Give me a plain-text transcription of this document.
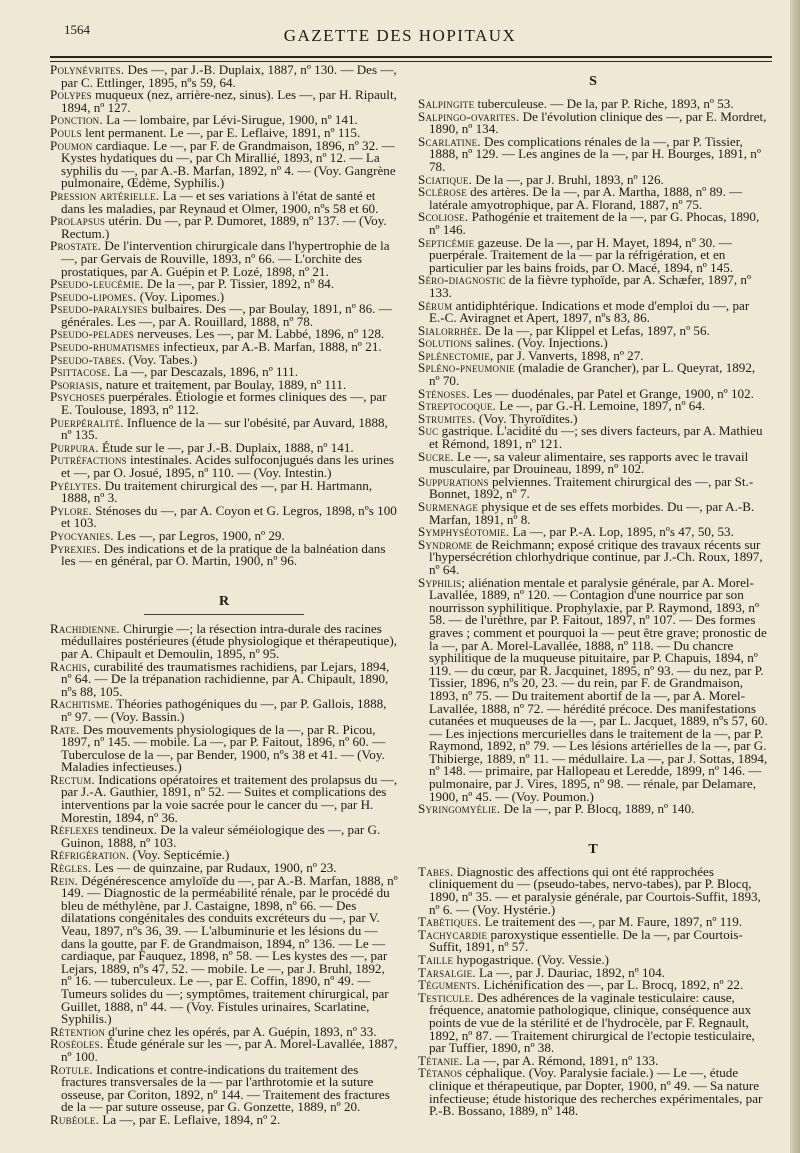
1564	GAZETTE DES HOPITAUX

Polynévrites. Des —, par J.-B. Duplaix, 1887, nº 130. — Des —, par C. Ettlinger, 1895, nºs 59, 64.

Polypes muqueux (nez, arrière-nez, sinus). Les —, par H. Ripault, 1894, nº 127.

Ponction. La — lombaire, par Lévi-Sirugue, 1900, nº 141.

Pouls lent permanent. Le —, par E. Leflaive, 1891, nº 115.

Poumon cardiaque. Le —, par F. de Grandmaison, 1896, nº 32. — Kystes hydatiques du —, par Ch Mirallié, 1893, nº 12. — La syphilis du —, par A.-B. Marfan, 1892, nº 4. — (Voy. Gangrène pulmonaire, Œdème, Syphilis.)

Pression artérielle. La — et ses variations à l'état de santé et dans les maladies, par Reynaud et Olmer, 1900, nºs 58 et 60.

Prolapsus utérin. Du —, par P. Dumoret, 1889, nº 137. — (Voy. Rectum.)

Prostate. De l'intervention chirurgicale dans l'hypertrophie de la —, par Gervais de Rouville, 1893, nº 66. — L'orchite des prostatiques, par A. Guépin et P. Lozé, 1898, nº 21.

Pseudo-leucémie. De la —, par P. Tissier, 1892, nº 84.

Pseudo-lipomes. (Voy. Lipomes.)

Pseudo-paralysies bulbaires. Des —, par Boulay, 1891, nº 86. — générales. Les —, par A. Rouillard, 1888, nº 78.

Pseudo-pelades nerveuses. Les —, par M. Labbé, 1896, nº 128.

Pseudo-rhumatismes infectieux, par A.-B. Marfan, 1888, nº 21.

Pseudo-tabes. (Voy. Tabes.)

Psittacose. La —, par Descazals, 1896, nº 111.

Psoriasis, nature et traitement, par Boulay, 1889, nº 111.

Psychoses puerpérales. Étiologie et formes cliniques des —, par E. Toulouse, 1893, nº 112.

Puerpéralité. Influence de la — sur l'obésité, par Auvard, 1888, nº 135.

Purpura. Étude sur le —, par J.-B. Duplaix, 1888, nº 141.

Putréfactions intestinales. Acides sulfoconjugués dans les urines et —, par O. Josué, 1895, nº 110. — (Voy. Intestin.)

Pyélytes. Du traitement chirurgical des —, par H. Hartmann, 1888, nº 3.

Pylore. Sténoses du —, par A. Coyon et G. Legros, 1898, nºs 100 et 103.

Pyocyanies. Les —, par Legros, 1900, nº 29.

Pyrexies. Des indications et de la pratique de la balnéation dans les — en général, par O. Martin, 1900, nº 96.

R

Rachidienne. Chirurgie —; la résection intra-durale des racines médullaires postérieures (étude physiologique et thérapeutique), par A. Chipault et Demoulin, 1895, nº 95.

Rachis, curabilité des traumatismes rachidiens, par Lejars, 1894, nº 64. — De la trépanation rachidienne, par A. Chipault, 1890, nºs 88, 105.

Rachitisme. Théories pathogéniques du —, par P. Gallois, 1888, nº 97. — (Voy. Bassin.)

Rate. Des mouvements physiologiques de la —, par R. Picou, 1897, nº 145. — mobile. La —, par P. Faitout, 1896, nº 60. — Tuberculose de la —, par Bender, 1900, nºs 38 et 41. — (Voy. Maladies infectieuses.)

Rectum. Indications opératoires et traitement des prolapsus du —, par J.-A. Gauthier, 1891, nº 52. — Suites et complications des interventions par la voie sacrée pour le cancer du —, par H. Morestin, 1894, nº 36.

Réflexes tendineux. De la valeur séméiologique des —, par G. Guinon, 1888, nº 103.

Réfrigération. (Voy. Septicémie.)

Règles. Les — de quinzaine, par Rudaux, 1900, nº 23.

Rein. Dégénérescence amyloïde du —, par A.-B. Marfan, 1888, nº 149. — Diagnostic de la perméabilité rénale, par le procédé du bleu de méthylène, par J. Castaigne, 1898, nº 66. — Des dilatations congénitales des conduits excréteurs du —, par V. Veau, 1897, nºs 36, 39. — L'albuminurie et les lésions du — dans la goutte, par F. de Grandmaison, 1894, nº 136. — Le — cardiaque, par Fauquez, 1898, nº 58. — Les kystes des —, par Lejars, 1889, nºs 47, 52. — mobile. Le —, par J. Bruhl, 1892, nº 16. — tuberculeux. Le —, par E. Coffin, 1890, nº 49. — Tumeurs solides du —; symptômes, traitement chirurgical, par Guillet, 1888, nº 44. — (Voy. Fistules urinaires, Scarlatine, Syphilis.)

Rétention d'urine chez les opérés, par A. Guépin, 1893, nº 33.

Roséoles. Étude générale sur les —, par A. Morel-Lavallée, 1887, nº 100.

Rotule. Indications et contre-indications du traitement des fractures transversales de la — par l'arthrotomie et la suture osseuse, par Coriton, 1892, nº 144. — Traitement des fractures de la — par suture osseuse, par G. Gonzette, 1889, nº 20.

Rubéole. La —, par E. Leflaive, 1894, nº 2.

S

Salpingite tuberculeuse. — De la, par P. Riche, 1893, nº 53.

Salpingo-ovarites. De l'évolution clinique des —, par E. Mordret, 1890, nº 134.

Scarlatine. Des complications rénales de la —, par P. Tissier, 1888, nº 129. — Les angines de la —, par H. Bourges, 1891, nº 78.

Sciatique. De la —, par J. Bruhl, 1893, nº 126.

Sclérose des artères. De la —, par A. Martha, 1888, nº 89. — latérale amyotrophique, par A. Florand, 1887, nº 75.

Scoliose. Pathogénie et traitement de la —, par G. Phocas, 1890, nº 146.

Septicémie gazeuse. De la —, par H. Mayet, 1894, nº 30. — puerpérale. Traitement de la — par la réfrigération, et en particulier par les bains froids, par O. Macé, 1894, nº 145.

Séro-diagnostic de la fièvre typhoïde, par A. Schæfer, 1897, nº 133.

Sérum antidiphtérique. Indications et mode d'emploi du —, par E.-C. Aviragnet et Apert, 1897, nºs 83, 86.

Sialorrhée. De la —, par Klippel et Lefas, 1897, nº 56.

Solutions salines. (Voy. Injections.)

Splénectomie, par J. Vanverts, 1898, nº 27.

Spléno-pneumonie (maladie de Grancher), par L. Queyrat, 1892, nº 70.

Sténoses. Les — duodénales, par Patel et Grange, 1900, nº 102.

Streptocoque. Le —, par G.-H. Lemoine, 1897, nº 64.

Strumites. (Voy. Thyroïdites.)

Suc gastrique. L'acidité du —; ses divers facteurs, par A. Mathieu et Rémond, 1891, nº 121.

Sucre. Le —, sa valeur alimentaire, ses rapports avec le travail musculaire, par Drouineau, 1899, nº 102.

Suppurations pelviennes. Traitement chirurgical des —, par St.-Bonnet, 1892, nº 7.

Surmenage physique et de ses effets morbides. Du —, par A.-B. Marfan, 1891, nº 8.

Symphyséotomie. La —, par P.-A. Lop, 1895, nºs 47, 50, 53.

Syndrome de Reichmann; exposé critique des travaux récents sur l'hypersécrétion chlorhydrique continue, par J.-Ch. Roux, 1897, nº 64.

Syphilis; aliénation mentale et paralysie générale, par A. Morel-Lavallée, 1889, nº 120. — Contagion d'une nourrice par son nourrisson syphilitique. Prophylaxie, par P. Raymond, 1893, nº 58. — de l'urèthre, par P. Faitout, 1897, nº 107. — Des formes graves ; comment et pourquoi la — peut être grave; pronostic de la —, par A. Morel-Lavallée, 1888, nº 118. — Du chancre syphilitique de la muqueuse pituitaire, par P. Chapuis, 1894, nº 119. — du cœur, par R. Jacquinet, 1895, nº 93. — du nez, par P. Tissier, 1896, nºs 20, 23. — du rein, par F. de Grandmaison, 1893, nº 75. — Du traitement abortif de la —, par A. Morel-Lavallée, 1888, nº 72. — hérédité précoce. Des manifestations cutanées et muqueuses de la —, par L. Jacquet, 1889, nºs 57, 60. — Les injections mercurielles dans le traitement de la —, par P. Raymond, 1892, nº 79. — Les lésions artérielles de la —, par G. Thibierge, 1889, nº 11. — médullaire. La —, par J. Sottas, 1894, nº 148. — primaire, par Hallopeau et Leredde, 1899, nº 146. — pulmonaire, par J. Vires, 1895, nº 98. — rénale, par Delamare, 1900, nº 45. — (Voy. Poumon.)

Syringomyélie. De la —, par P. Blocq, 1889, nº 140.

T

Tabes. Diagnostic des affections qui ont été rapprochées cliniquement du — (pseudo-tabes, nervo-tabes), par P. Blocq, 1890, nº 35. — et paralysie générale, par Courtois-Suffit, 1893, nº 6. — (Voy. Hystérie.)

Tabétiques. Le traitement des —, par M. Faure, 1897, nº 119.

Tachycardie paroxystique essentielle. De la —, par Courtois-Suffit, 1891, nº 57.

Taille hypogastrique. (Voy. Vessie.)

Tarsalgie. La —, par J. Dauriac, 1892, nº 104.

Téguments. Lichénification des —, par L. Brocq, 1892, nº 22.

Testicule. Des adhérences de la vaginale testiculaire: cause, fréquence, anatomie pathologique, clinique, conséquence aux points de vue de la stérilité et de l'hydrocèle, par F. Regnault, 1892, nº 87. — Traitement chirurgical de l'ectopie testiculaire, par Tuffier, 1890, nº 38.

Tétanie. La —, par A. Rémond, 1891, nº 133.

Tétanos céphalique. (Voy. Paralysie faciale.) — Le —, étude clinique et thérapeutique, par Dopter, 1900, nº 49. — Sa nature infectieuse; étude historique des recherches expérimentales, par P.-B. Bossano, 1889, nº 148.
